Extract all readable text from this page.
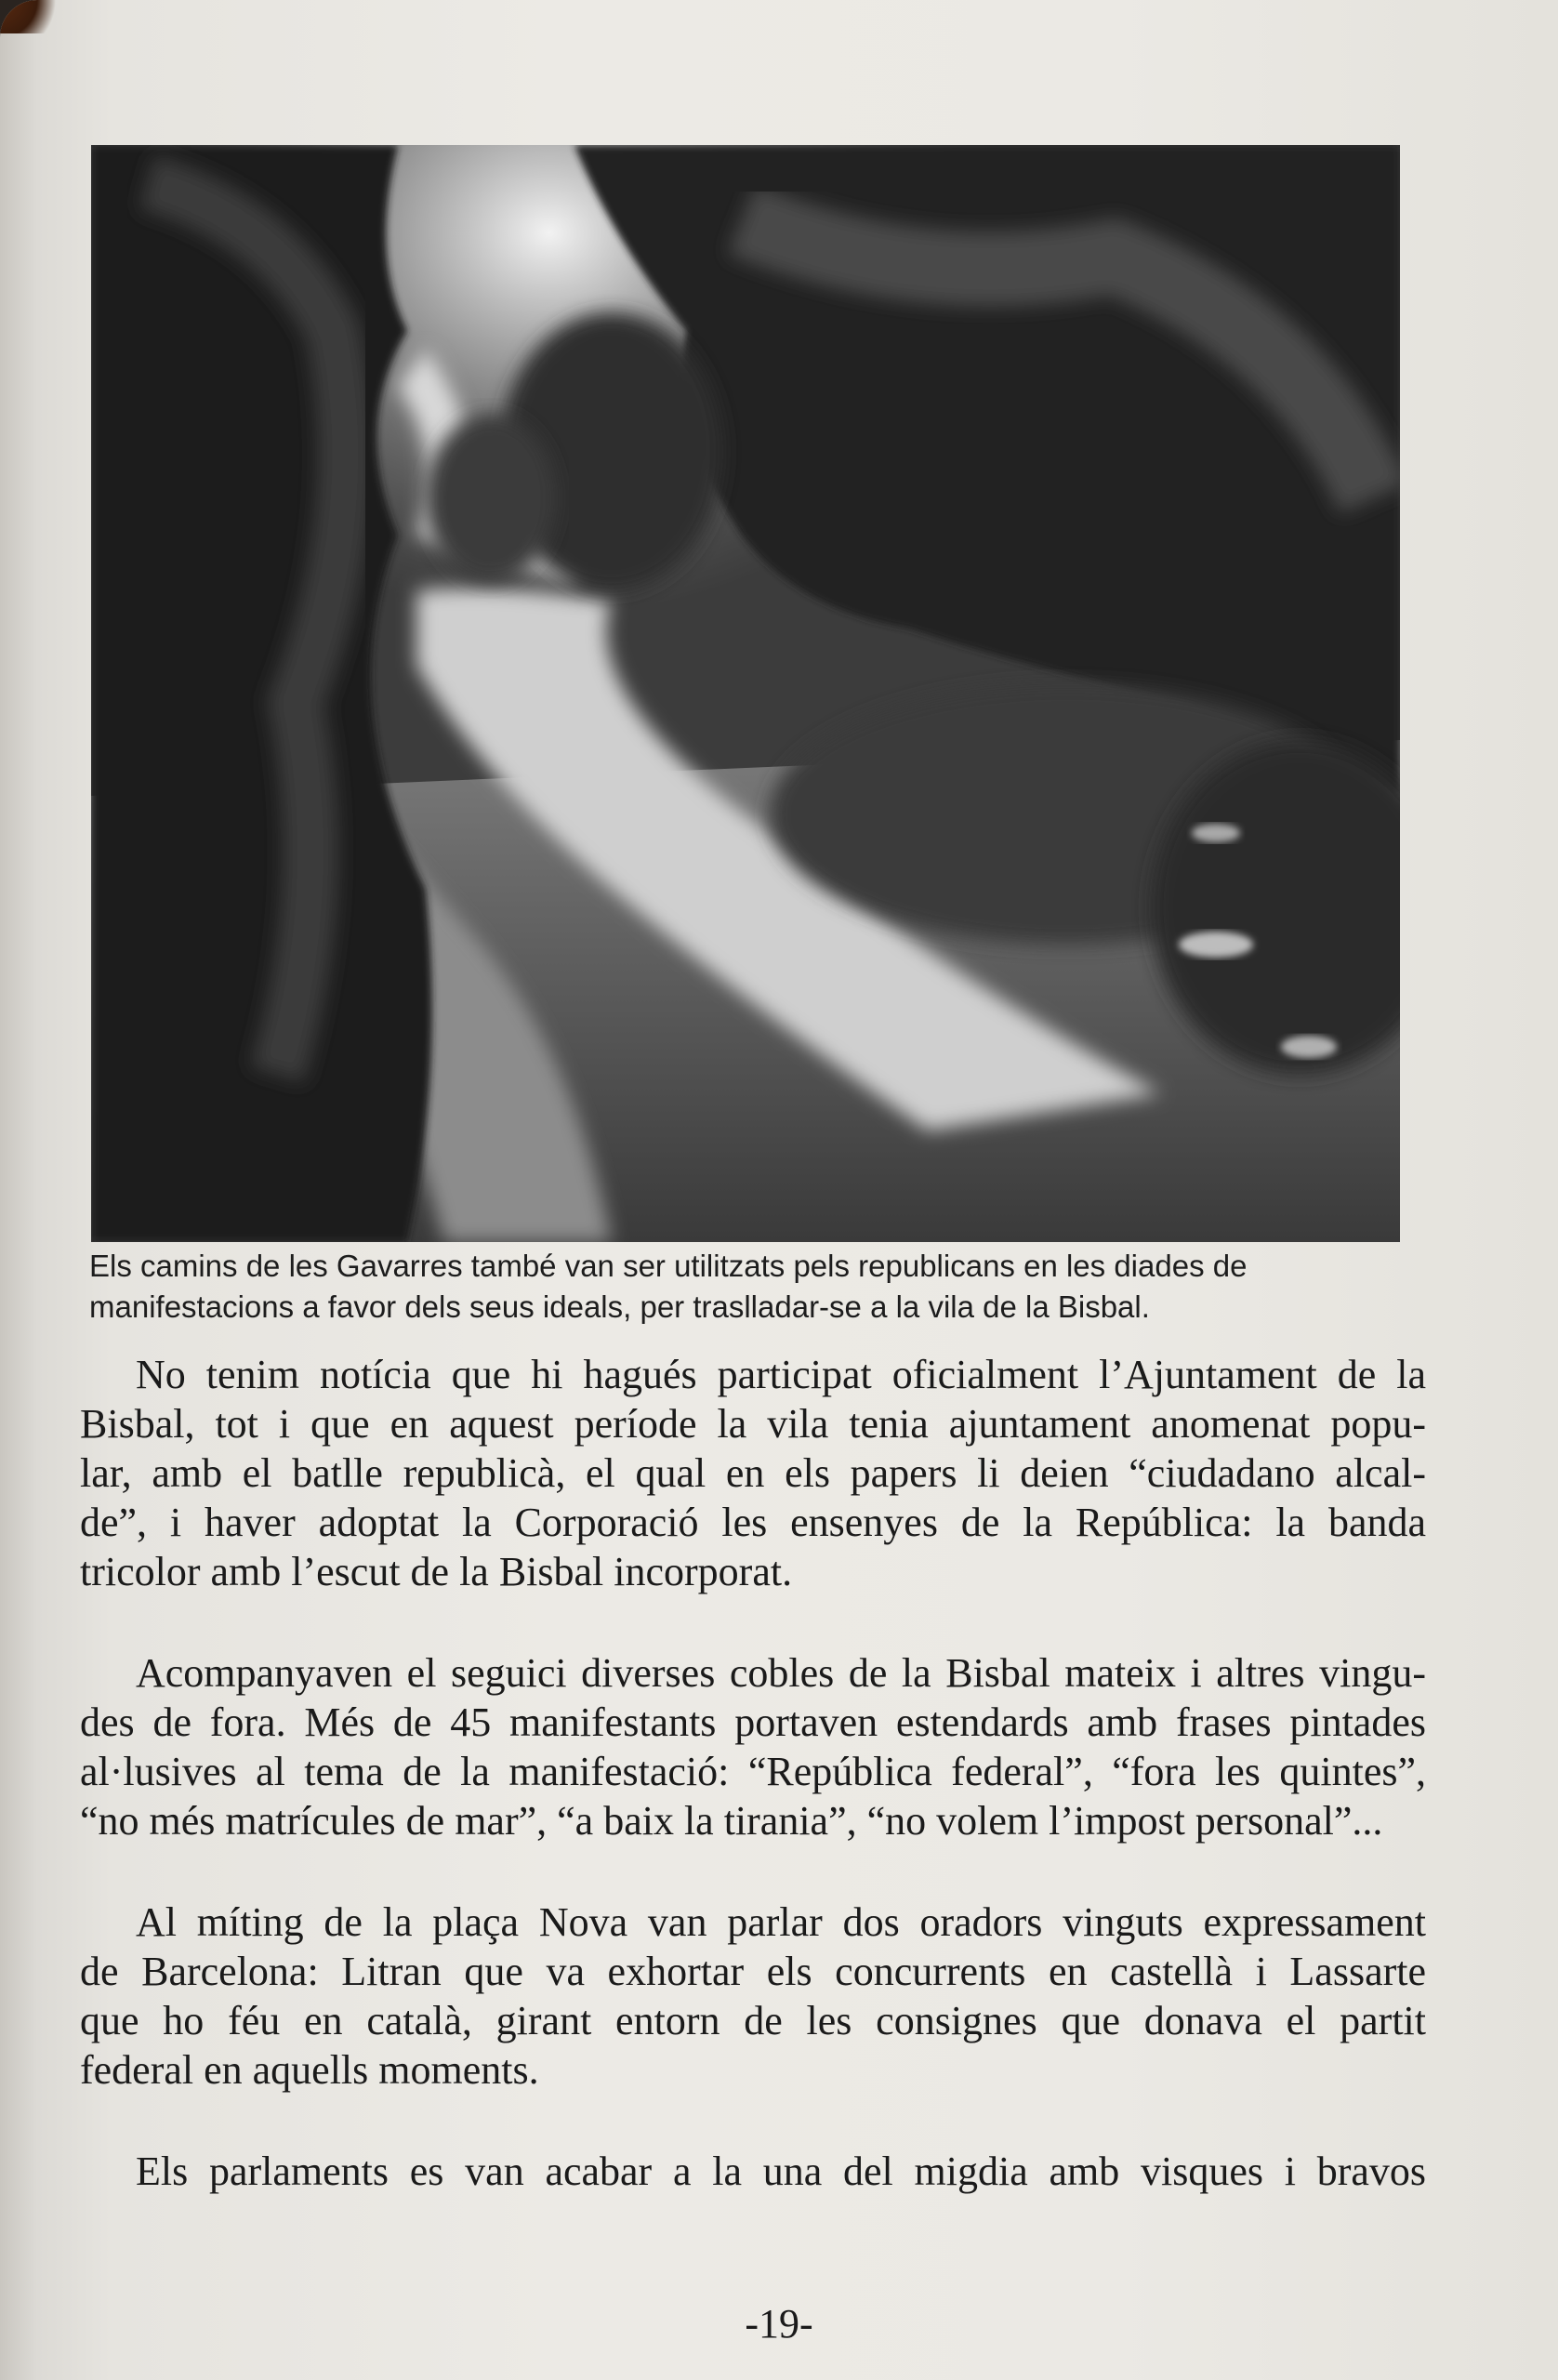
Els camins de les Gavarres també van ser utilitzats pels republicans en les diades de

manifestacions a favor dels seus ideals, per traslladar-se a la vila de la Bisbal.

No tenim notícia que hi hagués participat oficialment l’Ajuntament de la
Bisbal, tot i que en aquest període la vila tenia ajuntament anomenat popu-
lar, amb el batlle republicà, el qual en els papers li deien “ciudadano alcal-
de”, i haver adoptat la Corporació les ensenyes de la República: la banda
tricolor amb l’escut de la Bisbal incorporat.
Acompanyaven el seguici diverses cobles de la Bisbal mateix i altres vingu-
des de fora. Més de 45 manifestants portaven estendards amb frases pintades
al·lusives al tema de la manifestació: “República federal”, “fora les quintes”,
“no més matrícules de mar”, “a baix la tirania”, “no volem l’impost personal”...
Al míting de la plaça Nova van parlar dos oradors vinguts expressament
de Barcelona: Litran que va exhortar els concurrents en castellà i Lassarte
que ho féu en català, girant entorn de les consignes que donava el partit
federal en aquells moments.
Els parlaments es van acabar a la una del migdia amb visques i bravos
-19-
